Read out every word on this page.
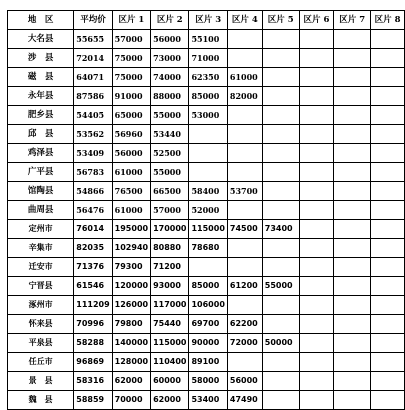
地　区	平均价	区片 1	区片 2	区片 3	区片 4	区片 5	区片 6	区片 7	区片 8
大名县	55655	57000	56000	55100					
涉　县	72014	75000	73000	71000					
磁　县	64071	75000	74000	62350	61000				
永年县	87586	91000	88000	85000	82000				
肥乡县	54405	65000	55000	53000					
邱　县	53562	56960	53440						
鸡泽县	53409	56000	52500						
广平县	56783	61000	55000						
馆陶县	54866	76500	66500	58400	53700				
曲周县	56476	61000	57000	52000					
定州市	76014	195000	170000	115000	74500	73400			
辛集市	82035	102940	80880	78680					
迁安市	71376	79300	71200						
宁晋县	61546	120000	93000	85000	61200	55000			
涿州市	111209	126000	117000	106000					
怀来县	70996	79800	75440	69700	62200				
平泉县	58288	140000	115000	90000	72000	50000			
任丘市	96869	128000	110400	89100					
景　县	58316	62000	60000	58000	56000				
魏　县	58859	70000	62000	53400	47490				
